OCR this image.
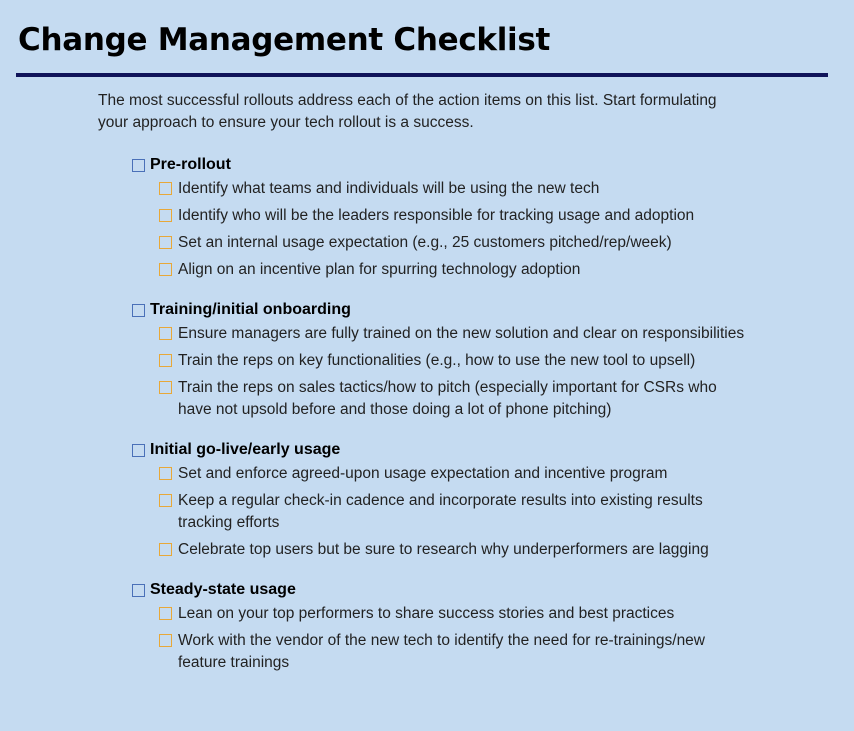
Change Management Checklist

The most successful rollouts address each of the action items on this list. Start formulating your approach to ensure your tech rollout is a success.

Pre-rollout
Identify what teams and individuals will be using the new tech
Identify who will be the leaders responsible for tracking usage and adoption
Set an internal usage expectation (e.g., 25 customers pitched/rep/week)
Align on an incentive plan for spurring technology adoption
Training/initial onboarding
Ensure managers are fully trained on the new solution and clear on responsibilities
Train the reps on key functionalities (e.g., how to use the new tool to upsell)
Train the reps on sales tactics/how to pitch (especially important for CSRs who have not upsold before and those doing a lot of phone pitching)
Initial go-live/early usage
Set and enforce agreed-upon usage expectation and incentive program
Keep a regular check-in cadence and incorporate results into existing results tracking efforts
Celebrate top users but be sure to research why underperformers are lagging
Steady-state usage
Lean on your top performers to share success stories and best practices
Work with the vendor of the new tech to identify the need for re-trainings/new feature trainings
